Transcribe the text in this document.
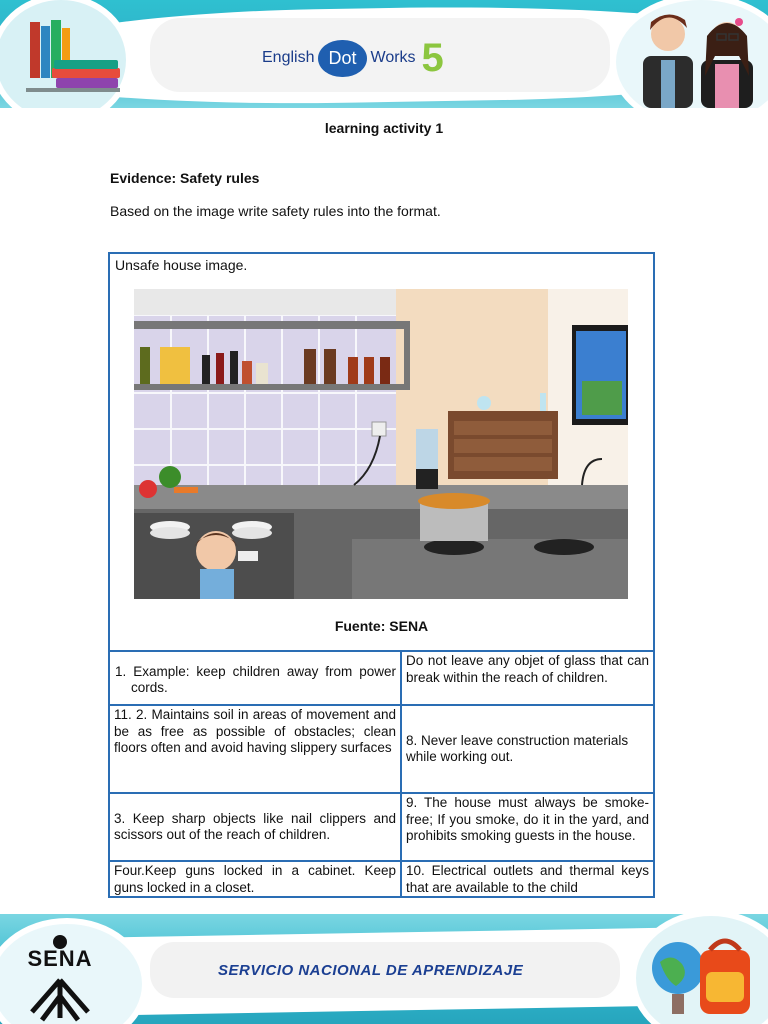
English Dot Works 5
learning activity 1
Evidence: Safety rules
Based on the image write safety rules into the format.
Unsafe house image.
Fuente: SENA
1. Example: keep children away from power cords.
Do not leave any objet of glass that can break within the reach of children.
11. 2. Maintains soil in areas of movement and be as free as possible of obstacles; clean floors often and avoid having slippery surfaces	8. Never leave construction materials while working out.
3. Keep sharp objects like nail clippers and scissors out of the reach of children.
9. The house must always be smoke-free; If you smoke, do it in the yard, and prohibits smoking guests in the house.
Four.Keep guns locked in a cabinet. Keep guns locked in a closet.
10. Electrical outlets and thermal keys that are available to the child
SENA	SERVICIO NACIONAL DE APRENDIZAJE
